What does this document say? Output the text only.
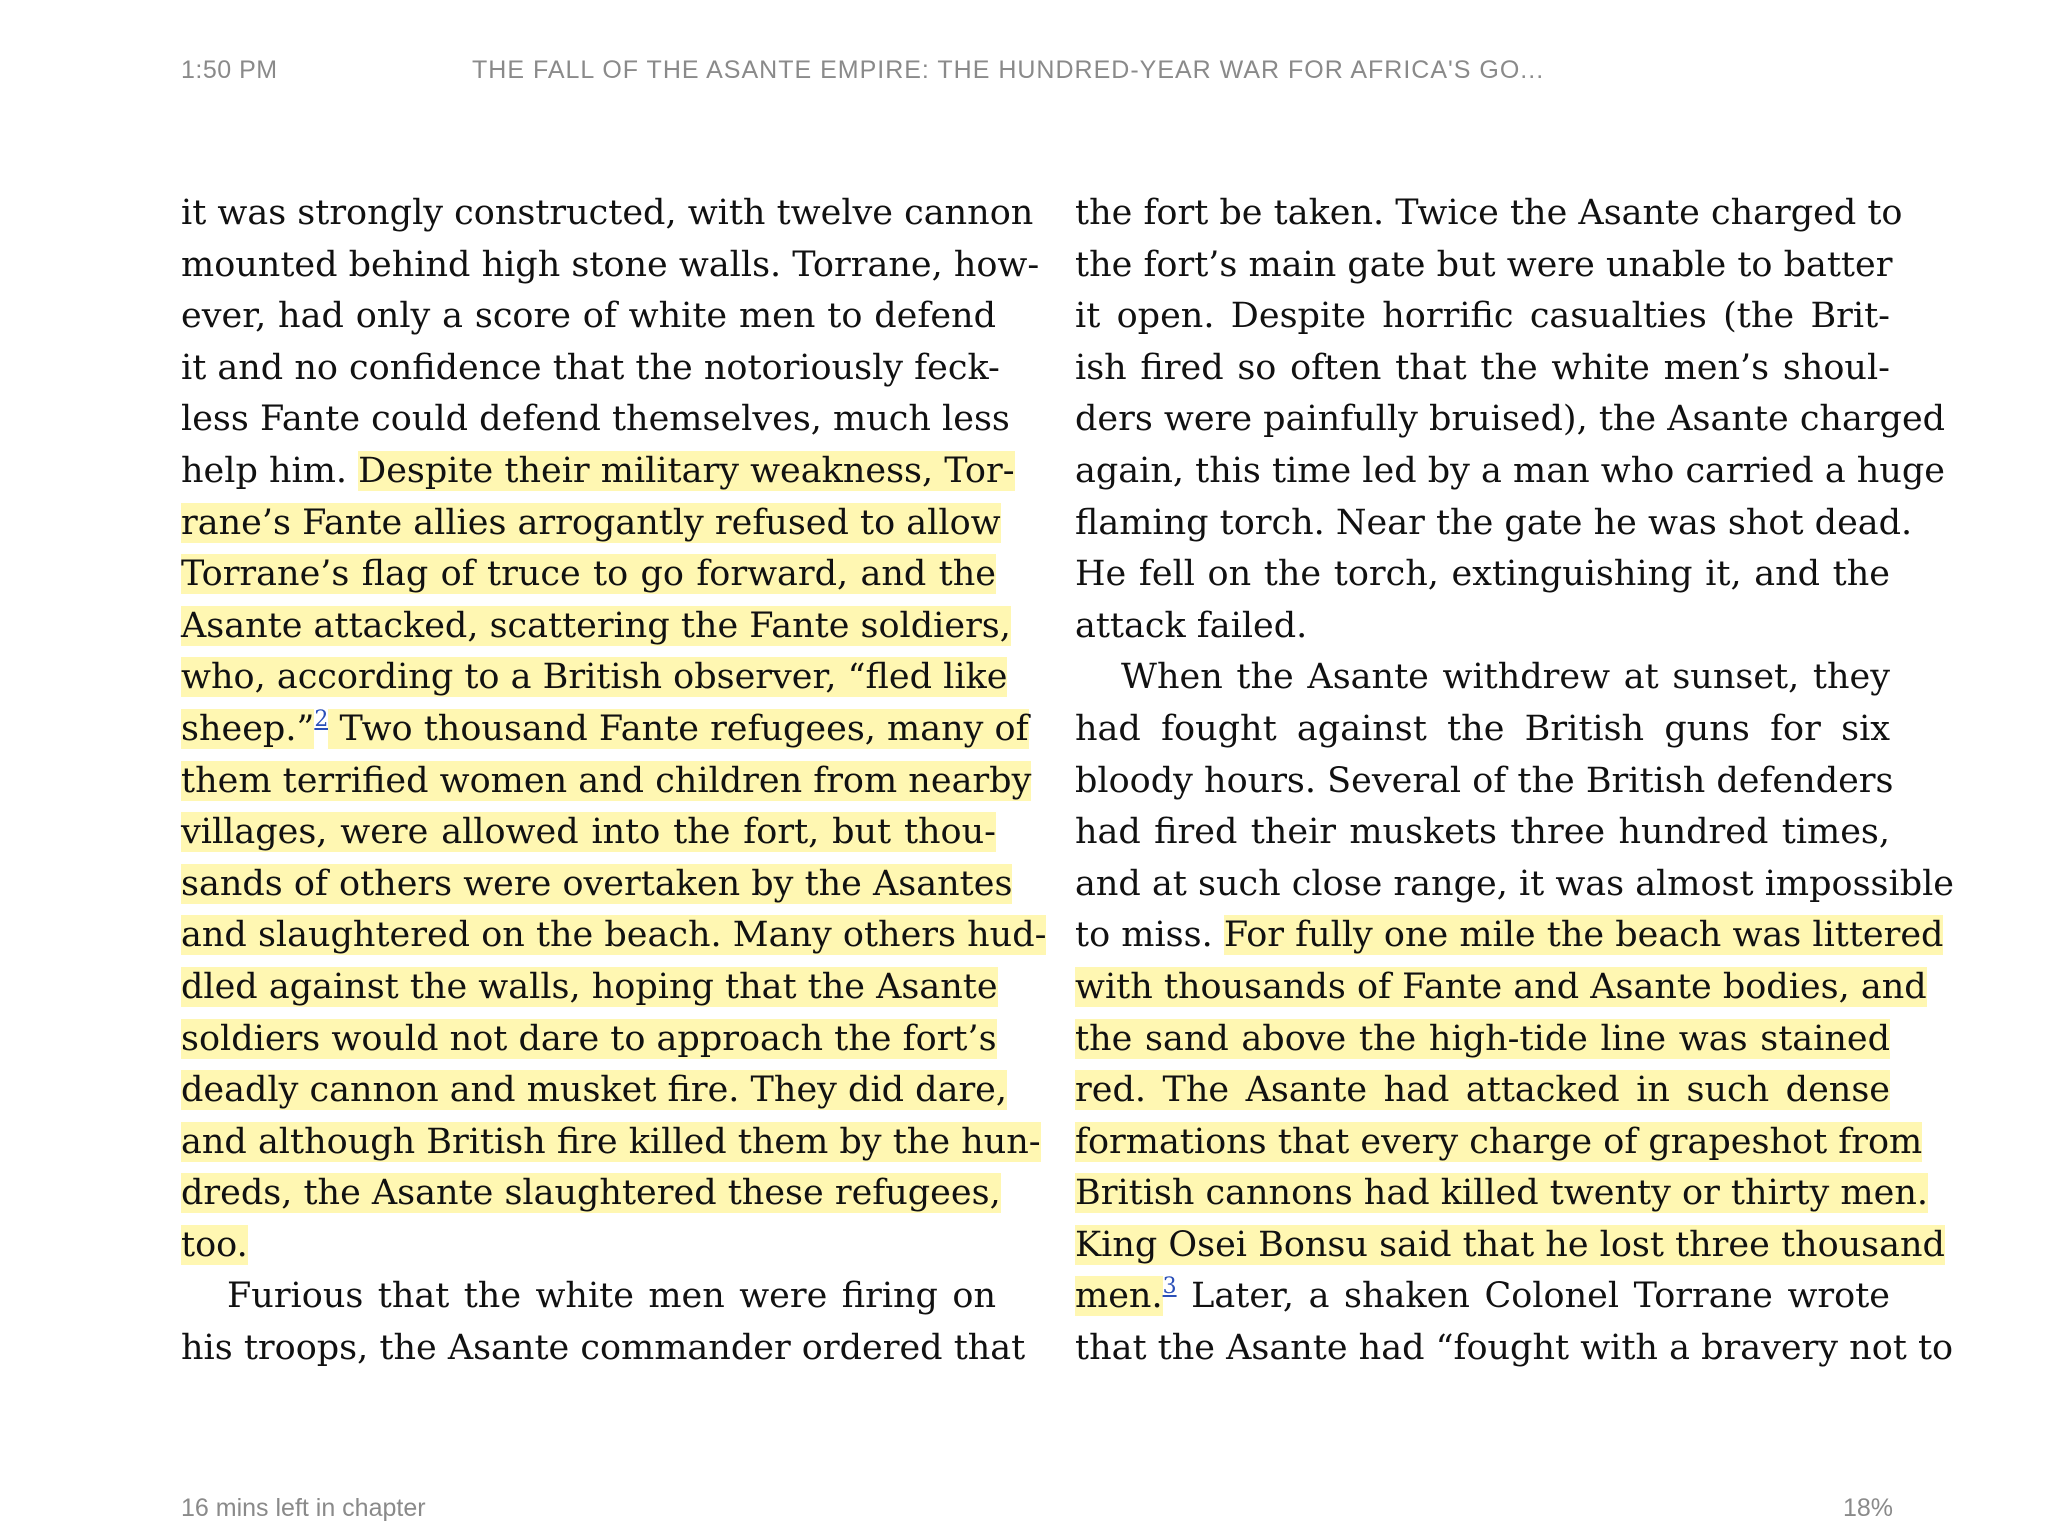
1:50 PM	THE FALL OF THE ASANTE EMPIRE: THE HUNDRED-YEAR WAR FOR AFRICA'S GO...
it was strongly constructed, with twelve cannon
mounted behind high stone walls. Torrane, how-
ever, had only a score of white men to defend
it and no confidence that the notoriously feck-
less Fante could defend themselves, much less
help him. Despite their military weakness, Tor-
rane’s Fante allies arrogantly refused to allow
Torrane’s flag of truce to go forward, and the
Asante attacked, scattering the Fante soldiers,
who, according to a British observer, “fled like
sheep.”$^2$ Two thousand Fante refugees, many of
them terrified women and children from nearby
villages, were allowed into the fort, but thou-
sands of others were overtaken by the Asantes
and slaughtered on the beach. Many others hud-
dled against the walls, hoping that the Asante
soldiers would not dare to approach the fort’s
deadly cannon and musket fire. They did dare,
and although British fire killed them by the hun-
dreds, the Asante slaughtered these refugees,
too.
Furious that the white men were firing on
his troops, the Asante commander ordered that
the fort be taken. Twice the Asante charged to
the fort’s main gate but were unable to batter
it open. Despite horrific casualties (the Brit-
ish fired so often that the white men’s shoul-
ders were painfully bruised), the Asante charged
again, this time led by a man who carried a huge
flaming torch. Near the gate he was shot dead.
He fell on the torch, extinguishing it, and the
attack failed.
When the Asante withdrew at sunset, they
had fought against the British guns for six
bloody hours. Several of the British defenders
had fired their muskets three hundred times,
and at such close range, it was almost impossible
to miss. For fully one mile the beach was littered
with thousands of Fante and Asante bodies, and
the sand above the high-tide line was stained
red. The Asante had attacked in such dense
formations that every charge of grapeshot from
British cannons had killed twenty or thirty men.
King Osei Bonsu said that he lost three thousand
men.$^3$ Later, a shaken Colonel Torrane wrote
that the Asante had “fought with a bravery not to
16 mins left in chapter	18%
